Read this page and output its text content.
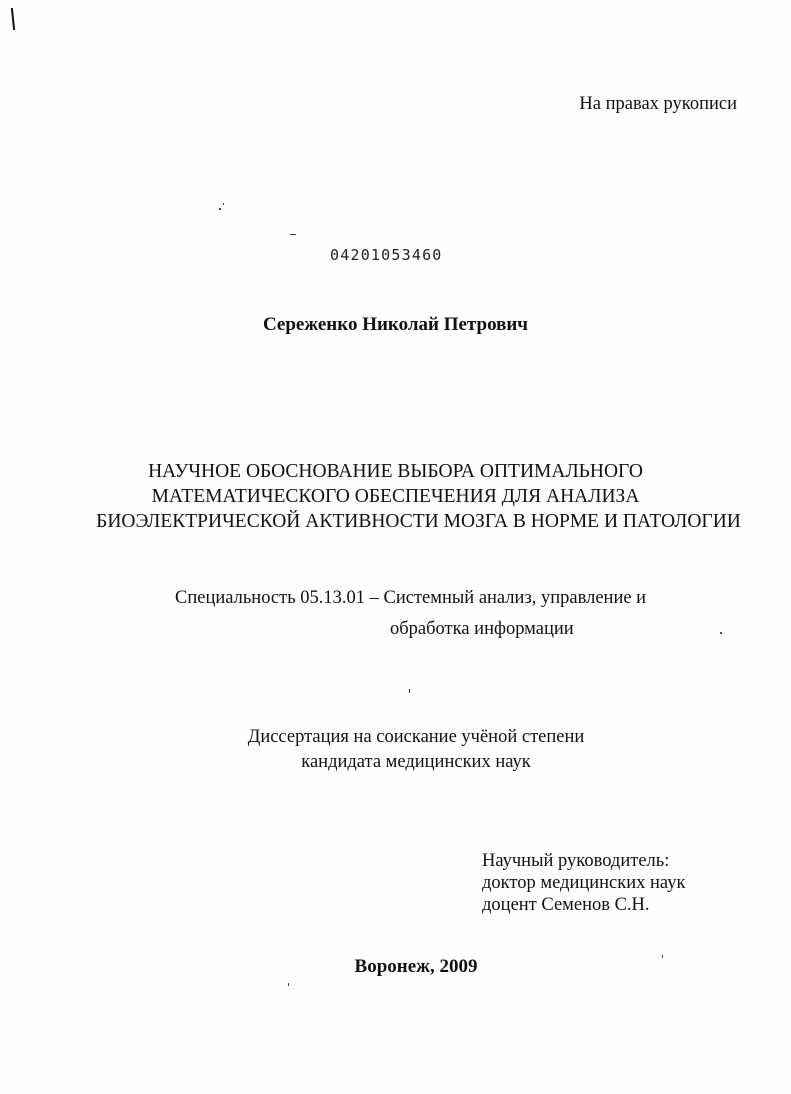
На правах рукописи
04201053460
Сереженко Николай Петрович
НАУЧНОЕ ОБОСНОВАНИЕ ВЫБОРА ОПТИМАЛЬНОГО
МАТЕМАТИЧЕСКОГО ОБЕСПЕЧЕНИЯ ДЛЯ АНАЛИЗА
БИОЭЛЕКТРИЧЕСКОЙ АКТИВНОСТИ МОЗГА В НОРМЕ И ПАТОЛОГИИ
Специальность 05.13.01 – Системный анализ, управление и
обработка информации
Диссертация на соискание учёной степени
кандидата медицинских наук
Научный руководитель:
доктор медицинских наук
доцент Семенов С.Н.
Воронеж, 2009
